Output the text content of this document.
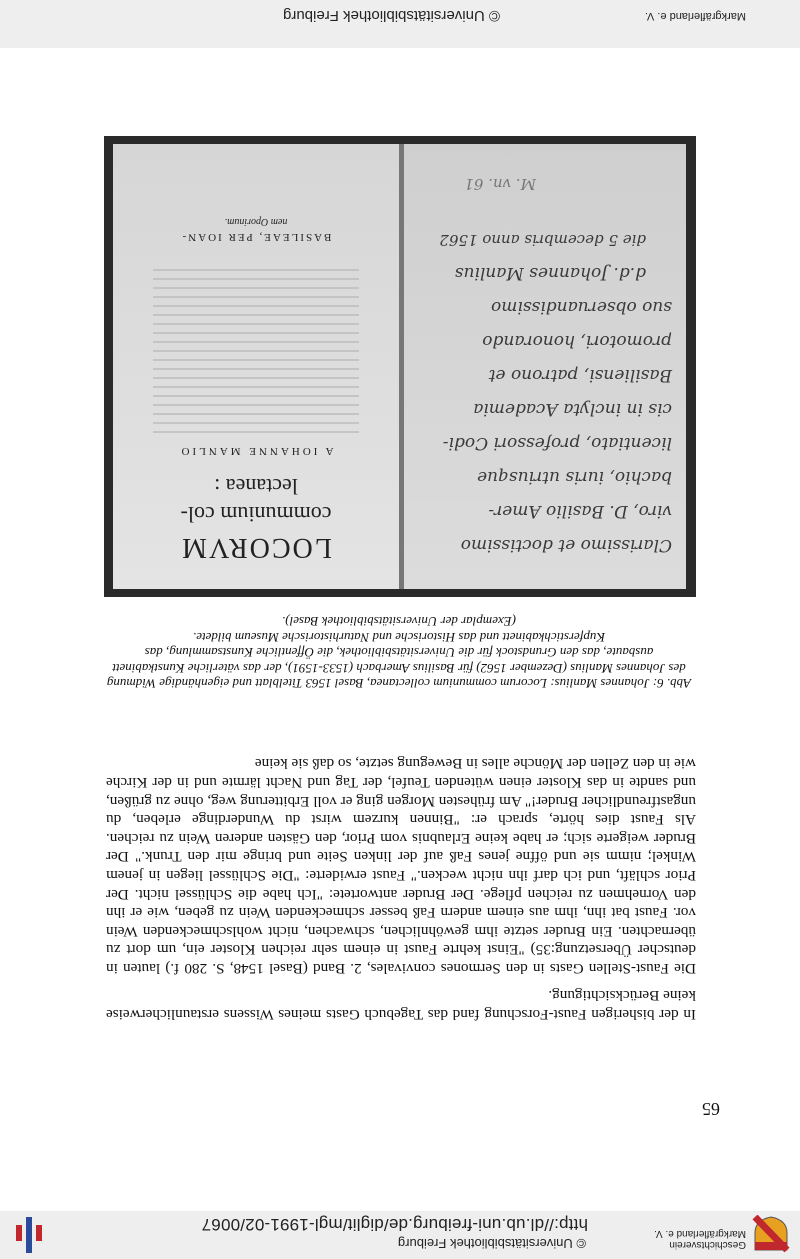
Geschichtsverein
Markgräflerland e. V.
© Universitätsbibliothek Freiburg
http://dl.ub.uni-freiburg.de/diglit/mgl-1991-02/0067
65
In der bisherigen Faust-Forschung fand das Tagebuch Gasts meines Wissens erstaunlicherweise keine Berücksichtigung.
Die Faust-Stellen Gasts in den Sermones convivales, 2. Band (Basel 1548, S. 280 f.) lauten in deutscher Übersetzung:35) "Einst kehrte Faust in einem sehr reichen Kloster ein, um dort zu übernachten. Ein Bruder setzte ihm gewöhnlichen, schwachen, nicht wohlschmeckenden Wein vor. Faust bat ihn, ihm aus einem andern Faß besser schmeckenden Wein zu geben, wie er ihn den Vornehmen zu reichen pflege. Der Bruder antwortete: "Ich habe die Schlüssel nicht. Der Prior schläft, und ich darf ihn nicht wecken." Faust erwiderte: "Die Schlüssel liegen in jenem Winkel; nimm sie und öffne jenes Faß auf der linken Seite und bringe mir den Trunk." Der Bruder weigerte sich; er habe keine Erlaubnis vom Prior, den Gästen anderen Wein zu reichen. Als Faust dies hörte, sprach er: "Binnen kurzem wirst du Wunderdinge erleben, du ungastfreundlicher Bruder!" Am frühesten Morgen ging er voll Erbitterung weg, ohne zu grüßen, und sandte in das Kloster einen wütenden Teufel, der Tag und Nacht lärmte und in der Kirche wie in den Zellen der Mönche alles in Bewegung setzte, so daß sie keine
Abb. 6: Johannes Manlius: Locorum communium collectanea, Basel 1563 Titelblatt und eigenhändige Widmung des Johannes Manlius (Dezember 1562) für Basilius Amerbach (1533-1591), der das väterliche Kunstkabinett ausbaute, das den Grundstock für die Universitätsbibliothek, die Öffentliche Kunstsammlung, das Kupferstichkabinett und das Historische und Naturhistorische Museum bildete.
(Exemplar der Universitätsbibliothek Basel).
Clarissimo et doctissimo
viro, D. Basilio Amer-
bachio, iuris utriusque
licentiato, professori Codi-
cis in inclyta Academia
Basiliensi, patrono et
promotori, honorando
suo obseruandissimo
d.d. Johannes Manlius
die 5 decembris anno 1562
M. vn. 61
LOCORVM
communium col-
lectanea :
A IOHANNE MANLIO
BASILEAE, PER IOAN-
nem Oporinum.
© Universitätsbibliothek Freiburg	Markgräflerland e. V.
